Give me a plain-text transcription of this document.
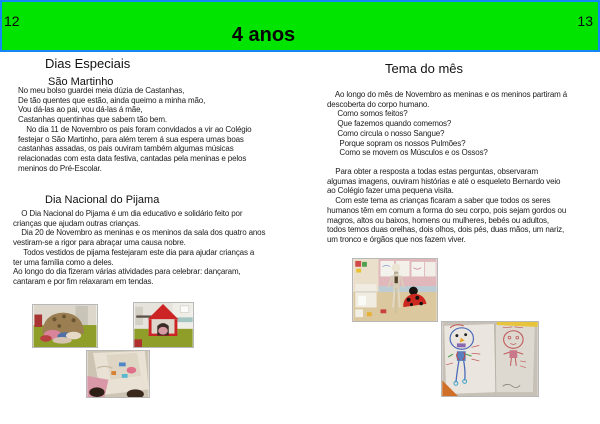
12	13
4 anos
Dias Especiais
São Martinho
No meu bolso guardei meia dúzia de Castanhas,
De tão quentes que estão, ainda queimo a minha mão,
Vou dá-las ao pai, vou dá-las á mãe,
Castanhas quentinhas que sabem tão bem.
No dia 11 de Novembro os pais foram convidados a vir ao Colégio
festejar o São Martinho, para além terem á sua espera umas boas
castanhas assadas, os pais ouviram também algumas músicas
relacionadas com esta data festiva, cantadas pela meninas e pelos
meninos do Pré-Escolar.
Dia Nacional do Pijama
O Dia Nacional do Pijama é um dia educativo e solidário feito por
crianças que ajudam outras crianças.
Dia 20 de Novembro as meninas e os meninos da sala dos quatro anos
vestiram-se a rigor para abraçar uma causa nobre.
Todos vestidos de pijama festejaram este dia para ajudar crianças a
ter uma família como a deles.
Ao longo do dia fizeram várias atividades para celebrar: dançaram,
cantaram e por fim relaxaram em tendas.
Tema do mês
Ao longo do mês de Novembro as meninas e os meninos partiram á
descoberta do corpo humano.
Como somos feitos?
Que fazemos quando comemos?
Como circula o nosso Sangue?
Porque sopram os nossos Pulmões?
Como se movem os Músculos e os Ossos?
Para obter a resposta a todas estas perguntas, observaram
algumas imagens, ouviram histórias e até o esqueleto Bernardo veio
ao Colégio fazer uma pequena visita.
Com este tema as crianças ficaram a saber que todos os seres
humanos têm em comum a forma do seu corpo, pois sejam gordos ou
magros, altos ou baixos, homens ou mulheres, bebés ou adultos,
todos temos duas orelhas, dois olhos, dois pés, duas mãos, um nariz,
um tronco e órgãos que nos fazem viver.
